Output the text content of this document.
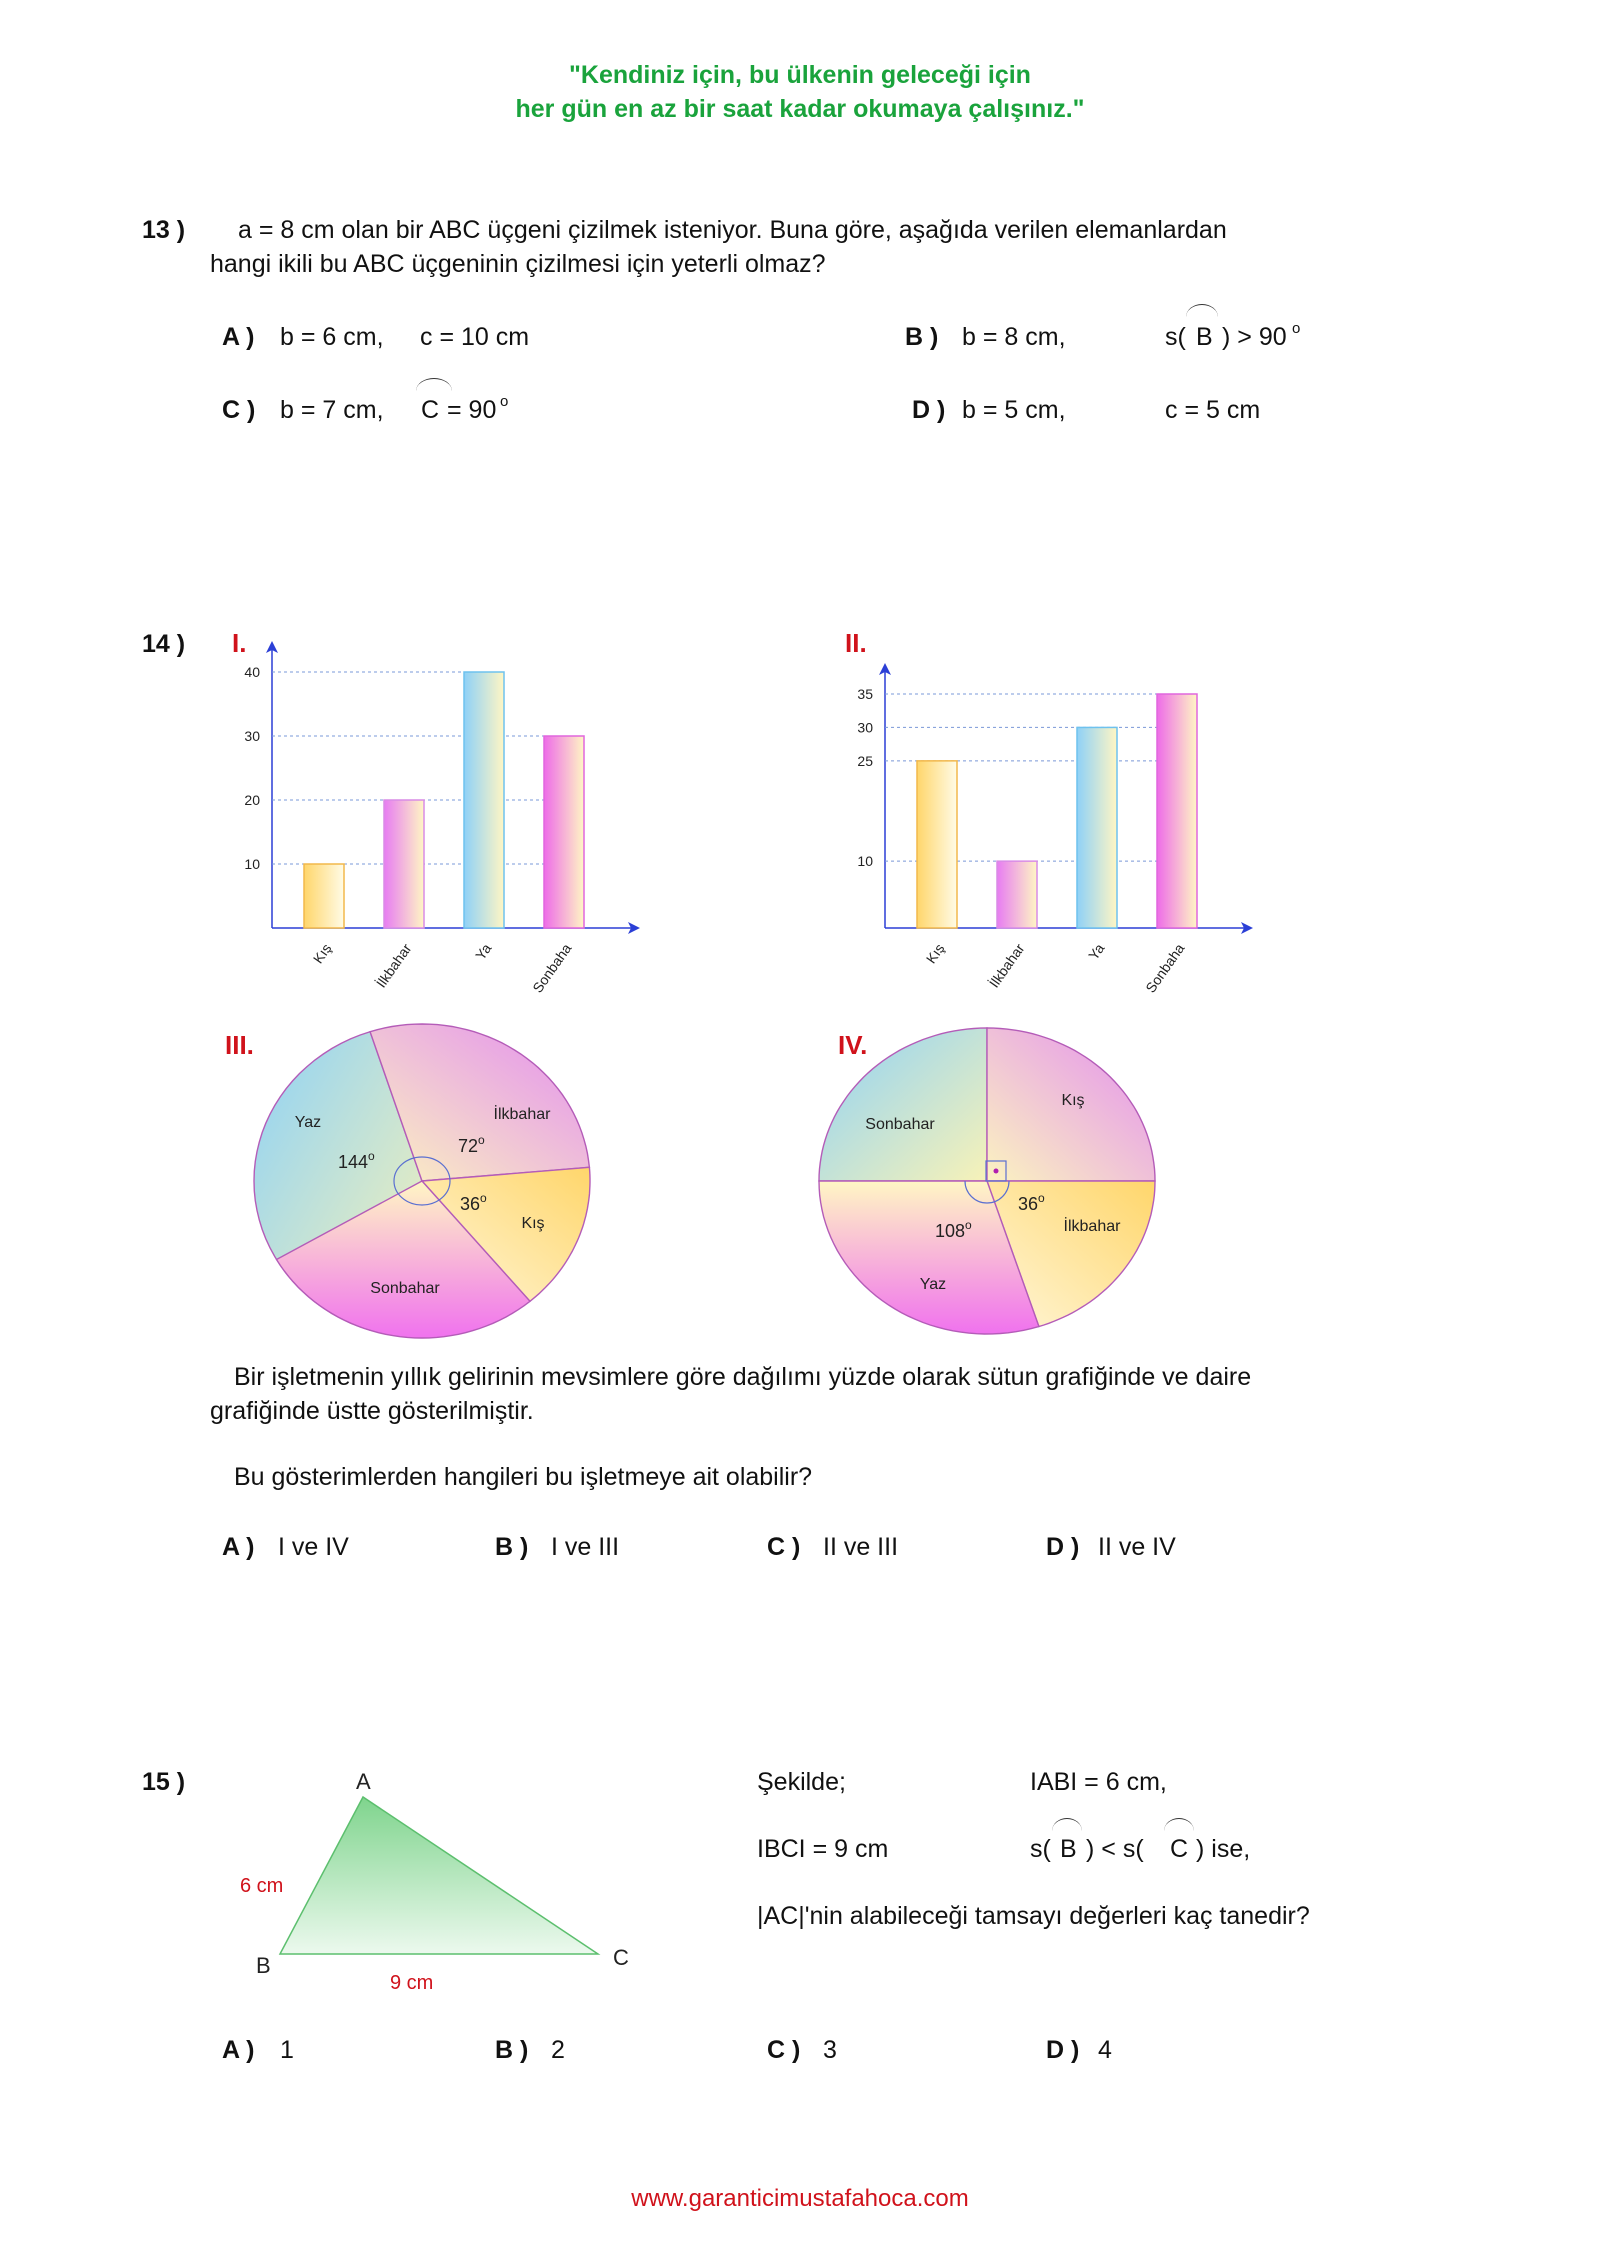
"Kendiniz için, bu ülkenin geleceği için
her gün en az bir saat kadar okumaya çalışınız."
13 ) a = 8 cm olan bir ABC üçgeni çizilmek isteniyor. Buna göre, aşağıda verilen elemanlardan
hangi ikili bu ABC üçgeninin çizilmesi için yeterli olmaz?
A ) b = 6 cm, c = 10 cm	B ) b = 8 cm,	s( B ) > 90 o
C ) b = 7 cm, C = 90 o	D ) b = 5 cm,	c = 5 cm
14 ) I.	II.
III.	IV.
10
20
30
40
Kış	İlkbahar	Ya Sonbaha
10
25
30
35
Kış	İlkbahar	Ya Sonbaha
Yaz
144$^o$
İlkbahar
72$^o$
36$^o$
Kış
Sonbahar
Sonbahar
Kış
36$^o$
İlkbahar
108$^o$
Yaz
Bir işletmenin yıllık gelirinin mevsimlere göre dağılımı yüzde olarak sütun grafiğinde ve daire
grafiğinde üstte gösterilmiştir.
Bu gösterimlerden hangileri bu işletmeye ait olabilir?
A ) I ve IV	B ) I ve III	C ) II ve III	D ) II ve IV
15 )	A
B	C
6 cm
9 cm
Şekilde;	IABI = 6 cm,
IBCI = 9 cm	s( B ) < s( C ) ise,
|AC|'nin alabileceği tamsayı değerleri kaç tanedir?
A ) 1	B ) 2	C ) 3	D ) 4
www.garanticimustafahoca.com
